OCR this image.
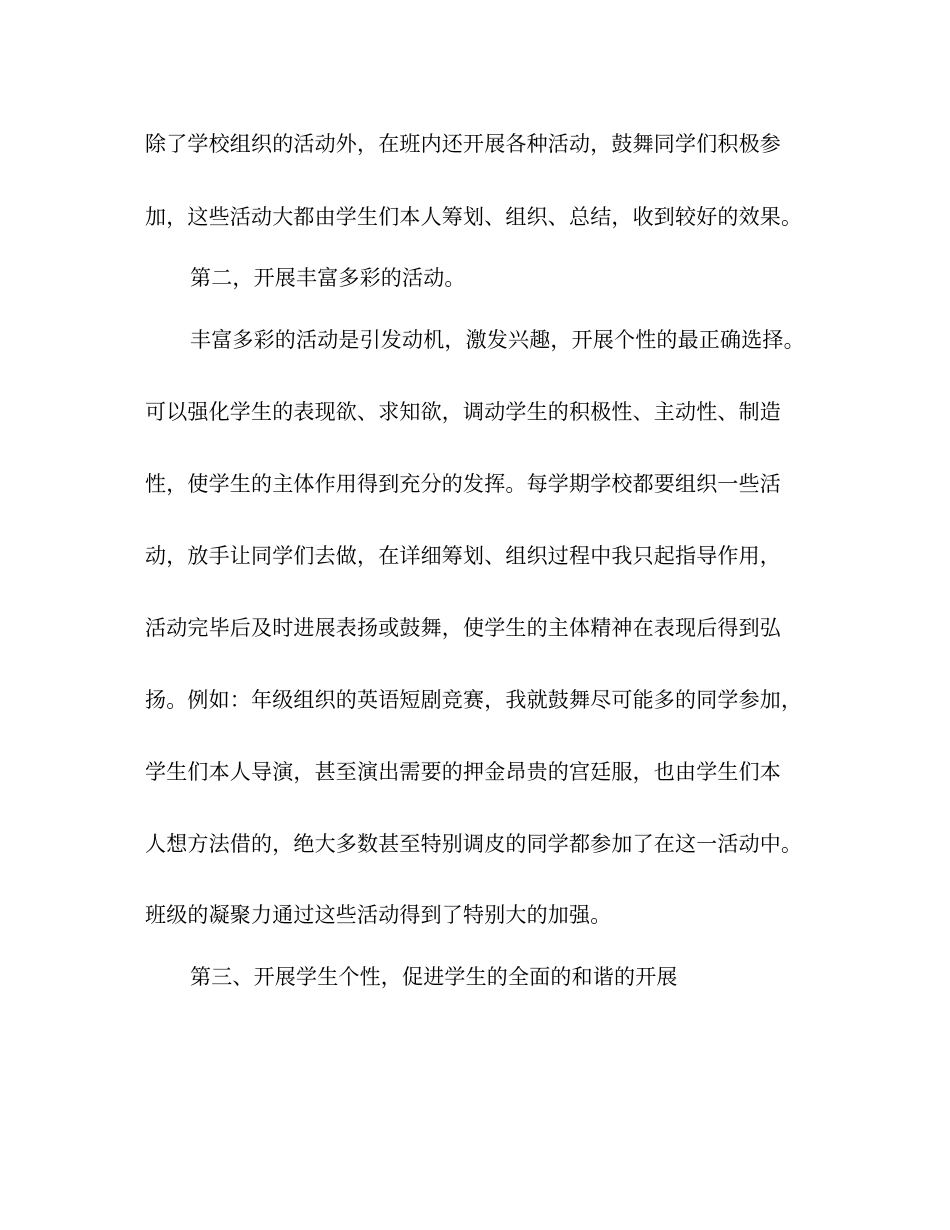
除了学校组织的活动外，在班内还开展各种活动，鼓舞同学们积极参
加，这些活动大都由学生们本人筹划、组织、总结，收到较好的效果。
第二，开展丰富多彩的活动。
丰富多彩的活动是引发动机，激发兴趣，开展个性的最正确选择。
可以强化学生的表现欲、求知欲，调动学生的积极性、主动性、制造
性，使学生的主体作用得到充分的发挥。每学期学校都要组织一些活
动，放手让同学们去做，在详细筹划、组织过程中我只起指导作用，
活动完毕后及时进展表扬或鼓舞，使学生的主体精神在表现后得到弘
扬。例如：年级组织的英语短剧竞赛，我就鼓舞尽可能多的同学参加，
学生们本人导演，甚至演出需要的押金昂贵的宫廷服，也由学生们本
人想方法借的，绝大多数甚至特别调皮的同学都参加了在这一活动中。
班级的凝聚力通过这些活动得到了特别大的加强。
第三、开展学生个性，促进学生的全面的和谐的开展
